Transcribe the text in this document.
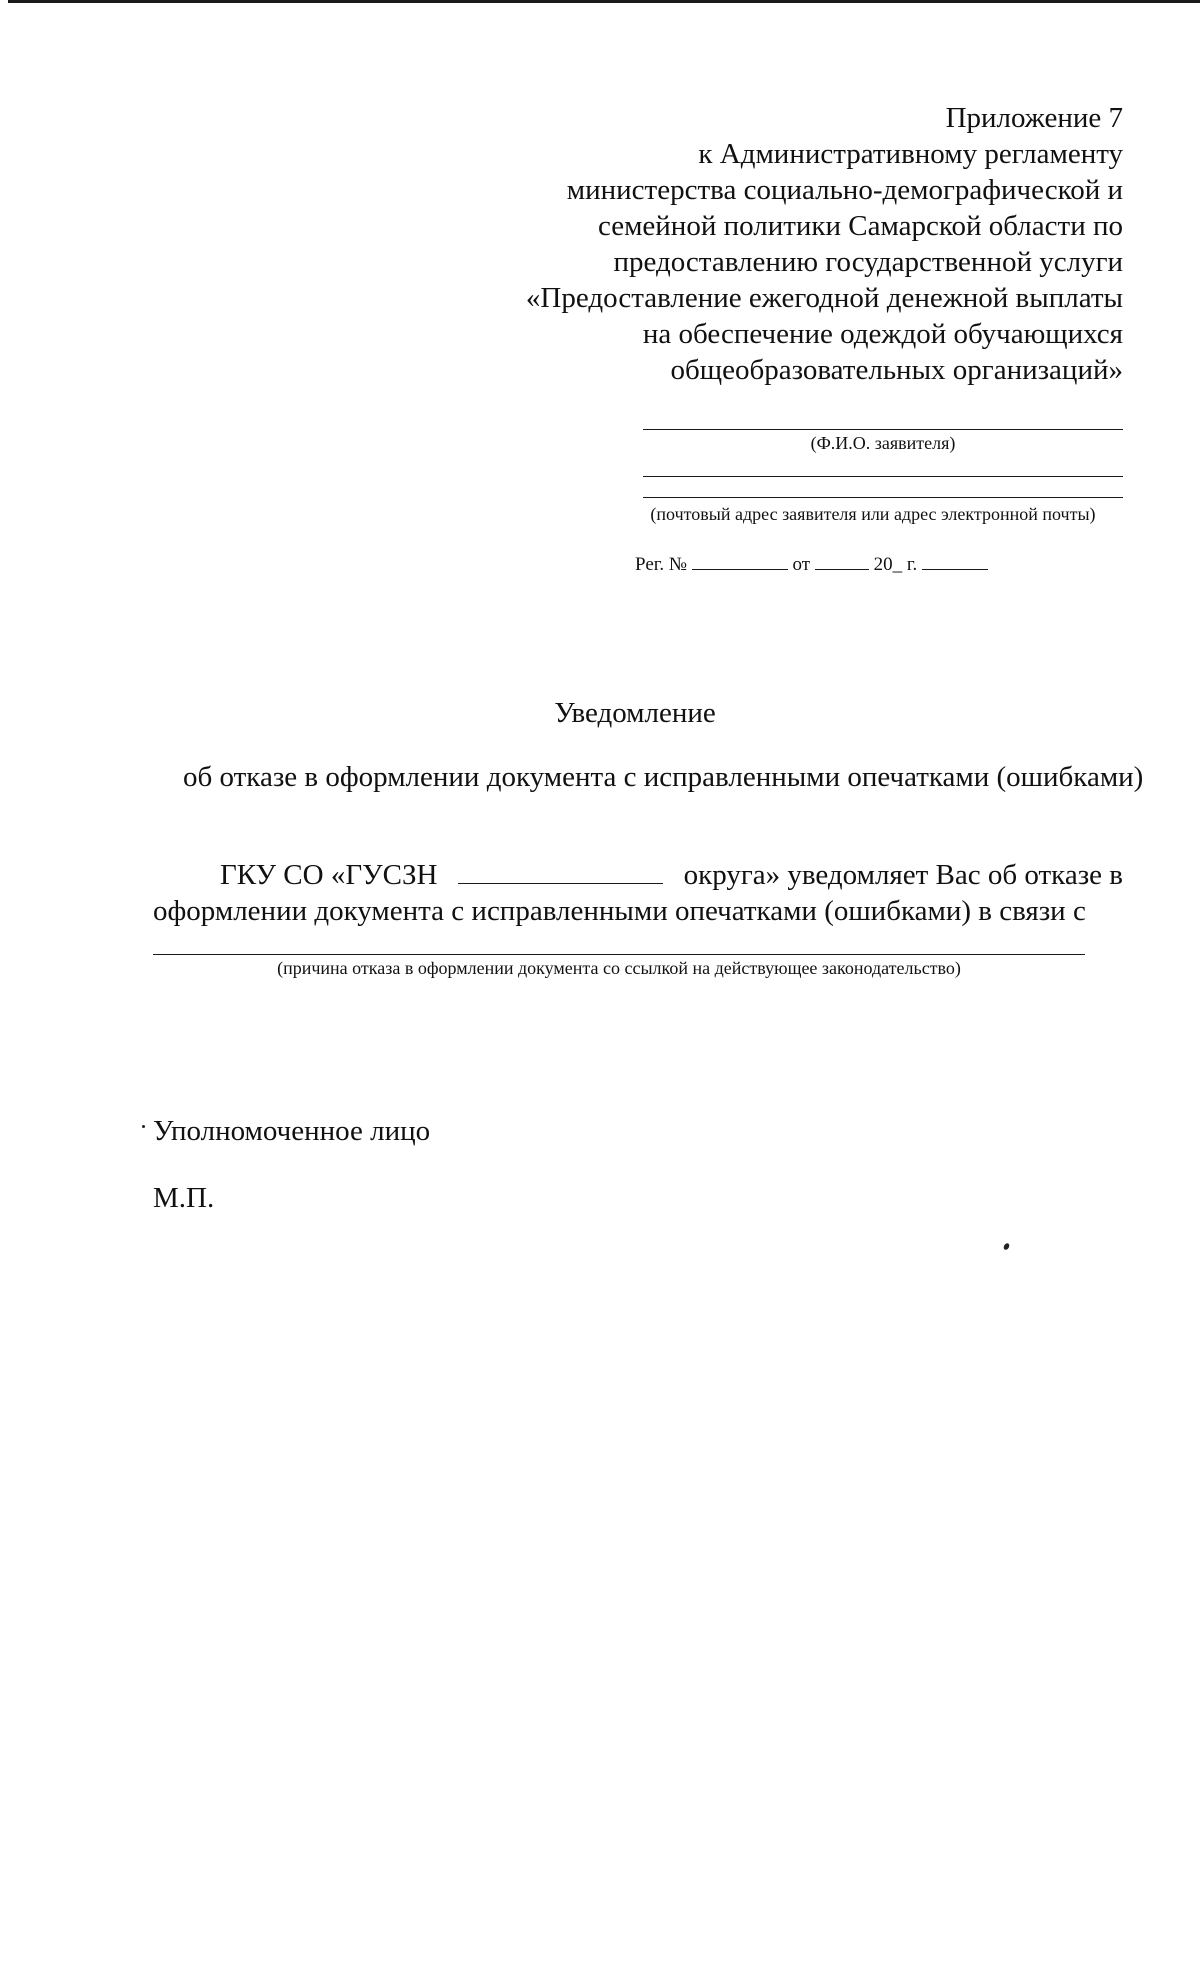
Приложение 7
к Административному регламенту
министерства социально-демографической и
семейной политики Самарской области по
предоставлению государственной услуги
«Предоставление ежегодной денежной выплаты
на обеспечение одеждой обучающихся
общеобразовательных организаций»
(Ф.И.О. заявителя)
(почтовый адрес заявителя или адрес электронной почты)
Рег. №	от	20_ г.
Уведомление
об отказе в оформлении документа с исправленными опечатками (ошибками)
ГКУ СО «ГУСЗН	округа» уведомляет Вас об отказе в
оформлении документа с исправленными опечатками (ошибками) в связи с
(причина отказа в оформлении документа со ссылкой на действующее законодательство)
Уполномоченное лицо
М.П.
